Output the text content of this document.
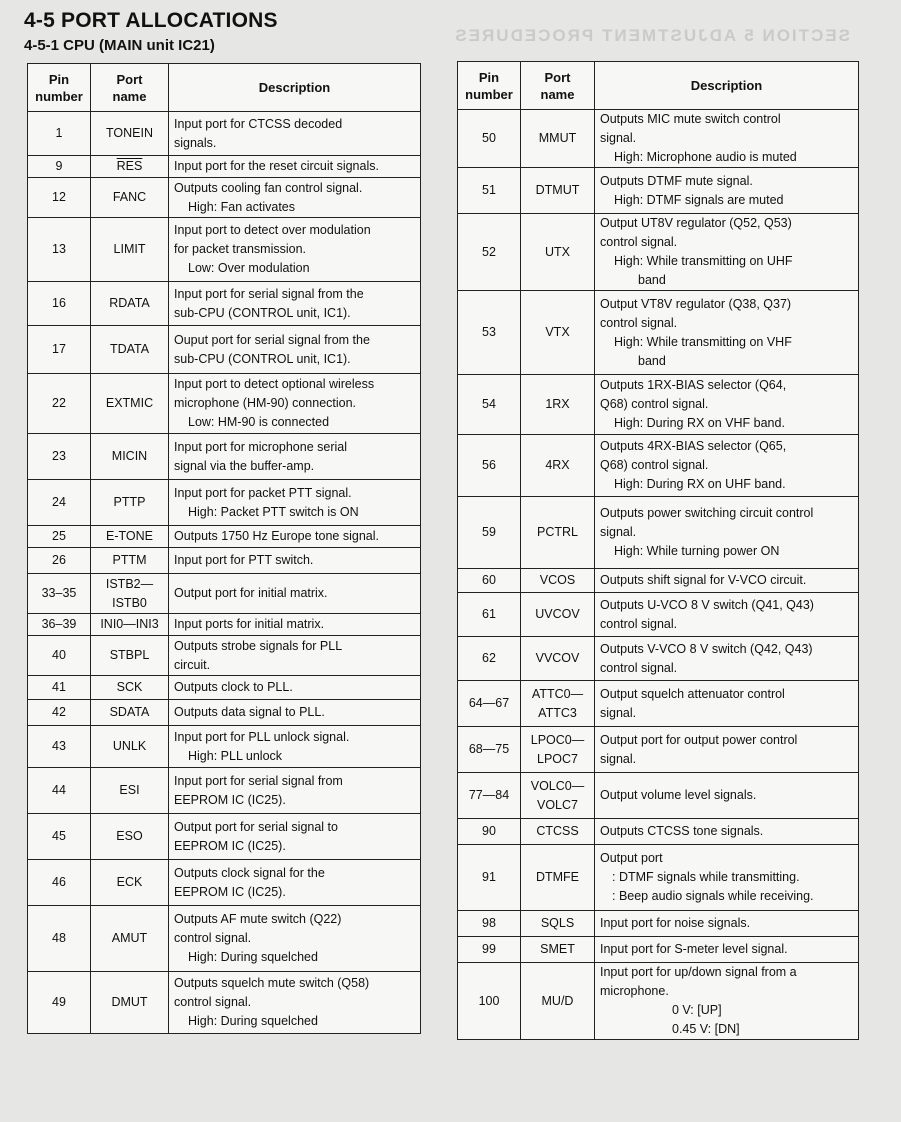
SECTION 5 ADJUSTMENT PROCEDURES
4-5 PORT ALLOCATIONS
4-5-1 CPU (MAIN unit IC21)
Pin
number	Port
name	Description
1	TONEIN	Input port for CTCSS decoded
signals.

9	$\overline{RES}$	Input port for the reset circuit signals.

12	FANC	Outputs cooling fan control signal.
High: Fan activates

13	LIMIT	Input port to detect over modulation
for packet transmission.
Low: Over modulation

16	RDATA	Input port for serial signal from the
sub-CPU (CONTROL unit, IC1).

17	TDATA	Ouput port for serial signal from the
sub-CPU (CONTROL unit, IC1).

22	EXTMIC	Input port to detect optional wireless
microphone (HM-90) connection.
Low: HM-90 is connected

23	MICIN	Input port for microphone serial
signal via the buffer-amp.

24	PTTP	Input port for packet PTT signal.
High: Packet PTT switch is ON

25	E-TONE	Outputs 1750 Hz Europe tone signal.

26	PTTM	Input port for PTT switch.

33–35	ISTB2—
ISTB0	Output port for initial matrix.

36–39	INI0—INI3	Input ports for initial matrix.

40	STBPL	Outputs strobe signals for PLL
circuit.

41	SCK	Outputs clock to PLL.

42	SDATA	Outputs data signal to PLL.

43	UNLK	Input port for PLL unlock signal.
High: PLL unlock

44	ESI	Input port for serial signal from
EEPROM IC (IC25).

45	ESO	Output port for serial signal to
EEPROM IC (IC25).

46	ECK	Outputs clock signal for the
EEPROM IC (IC25).

48	AMUT	Outputs AF mute switch (Q22)
control signal.
High: During squelched

49	DMUT	Outputs squelch mute switch (Q58)
control signal.
High: During squelched
Pin
number	Port
name	Description
50	MMUT	Outputs MIC mute switch control
signal.
High: Microphone audio is muted

51	DTMUT	Outputs DTMF mute signal.
High: DTMF signals are muted

52	UTX	Output UT8V regulator (Q52, Q53)
control signal.
High: While transmitting on UHF
band

53	VTX	Output VT8V regulator (Q38, Q37)
control signal.
High: While transmitting on VHF
band

54	1RX	Outputs 1RX-BIAS selector (Q64,
Q68) control signal.
High: During RX on VHF band.

56	4RX	Outputs 4RX-BIAS selector (Q65,
Q68) control signal.
High: During RX on UHF band.

59	PCTRL	Outputs power switching circuit control
signal.
High: While turning power ON

60	VCOS	Outputs shift signal for V-VCO circuit.

61	UVCOV	Outputs U-VCO 8 V switch (Q41, Q43)
control signal.

62	VVCOV	Outputs V-VCO 8 V switch (Q42, Q43)
control signal.

64—67	ATTC0—
ATTC3	Output squelch attenuator control
signal.

68—75	LPOC0—
LPOC7	Output port for output power control
signal.

77—84	VOLC0—
VOLC7	Output volume level signals.

90	CTCSS	Outputs CTCSS tone signals.

91	DTMFE	Output port
: DTMF signals while transmitting.
: Beep audio signals while receiving.

98	SQLS	Input port for noise signals.

99	SMET	Input port for S-meter level signal.

100	MU/D	Input port for up/down signal from a
microphone.
0 V: [UP]
0.45 V: [DN]
